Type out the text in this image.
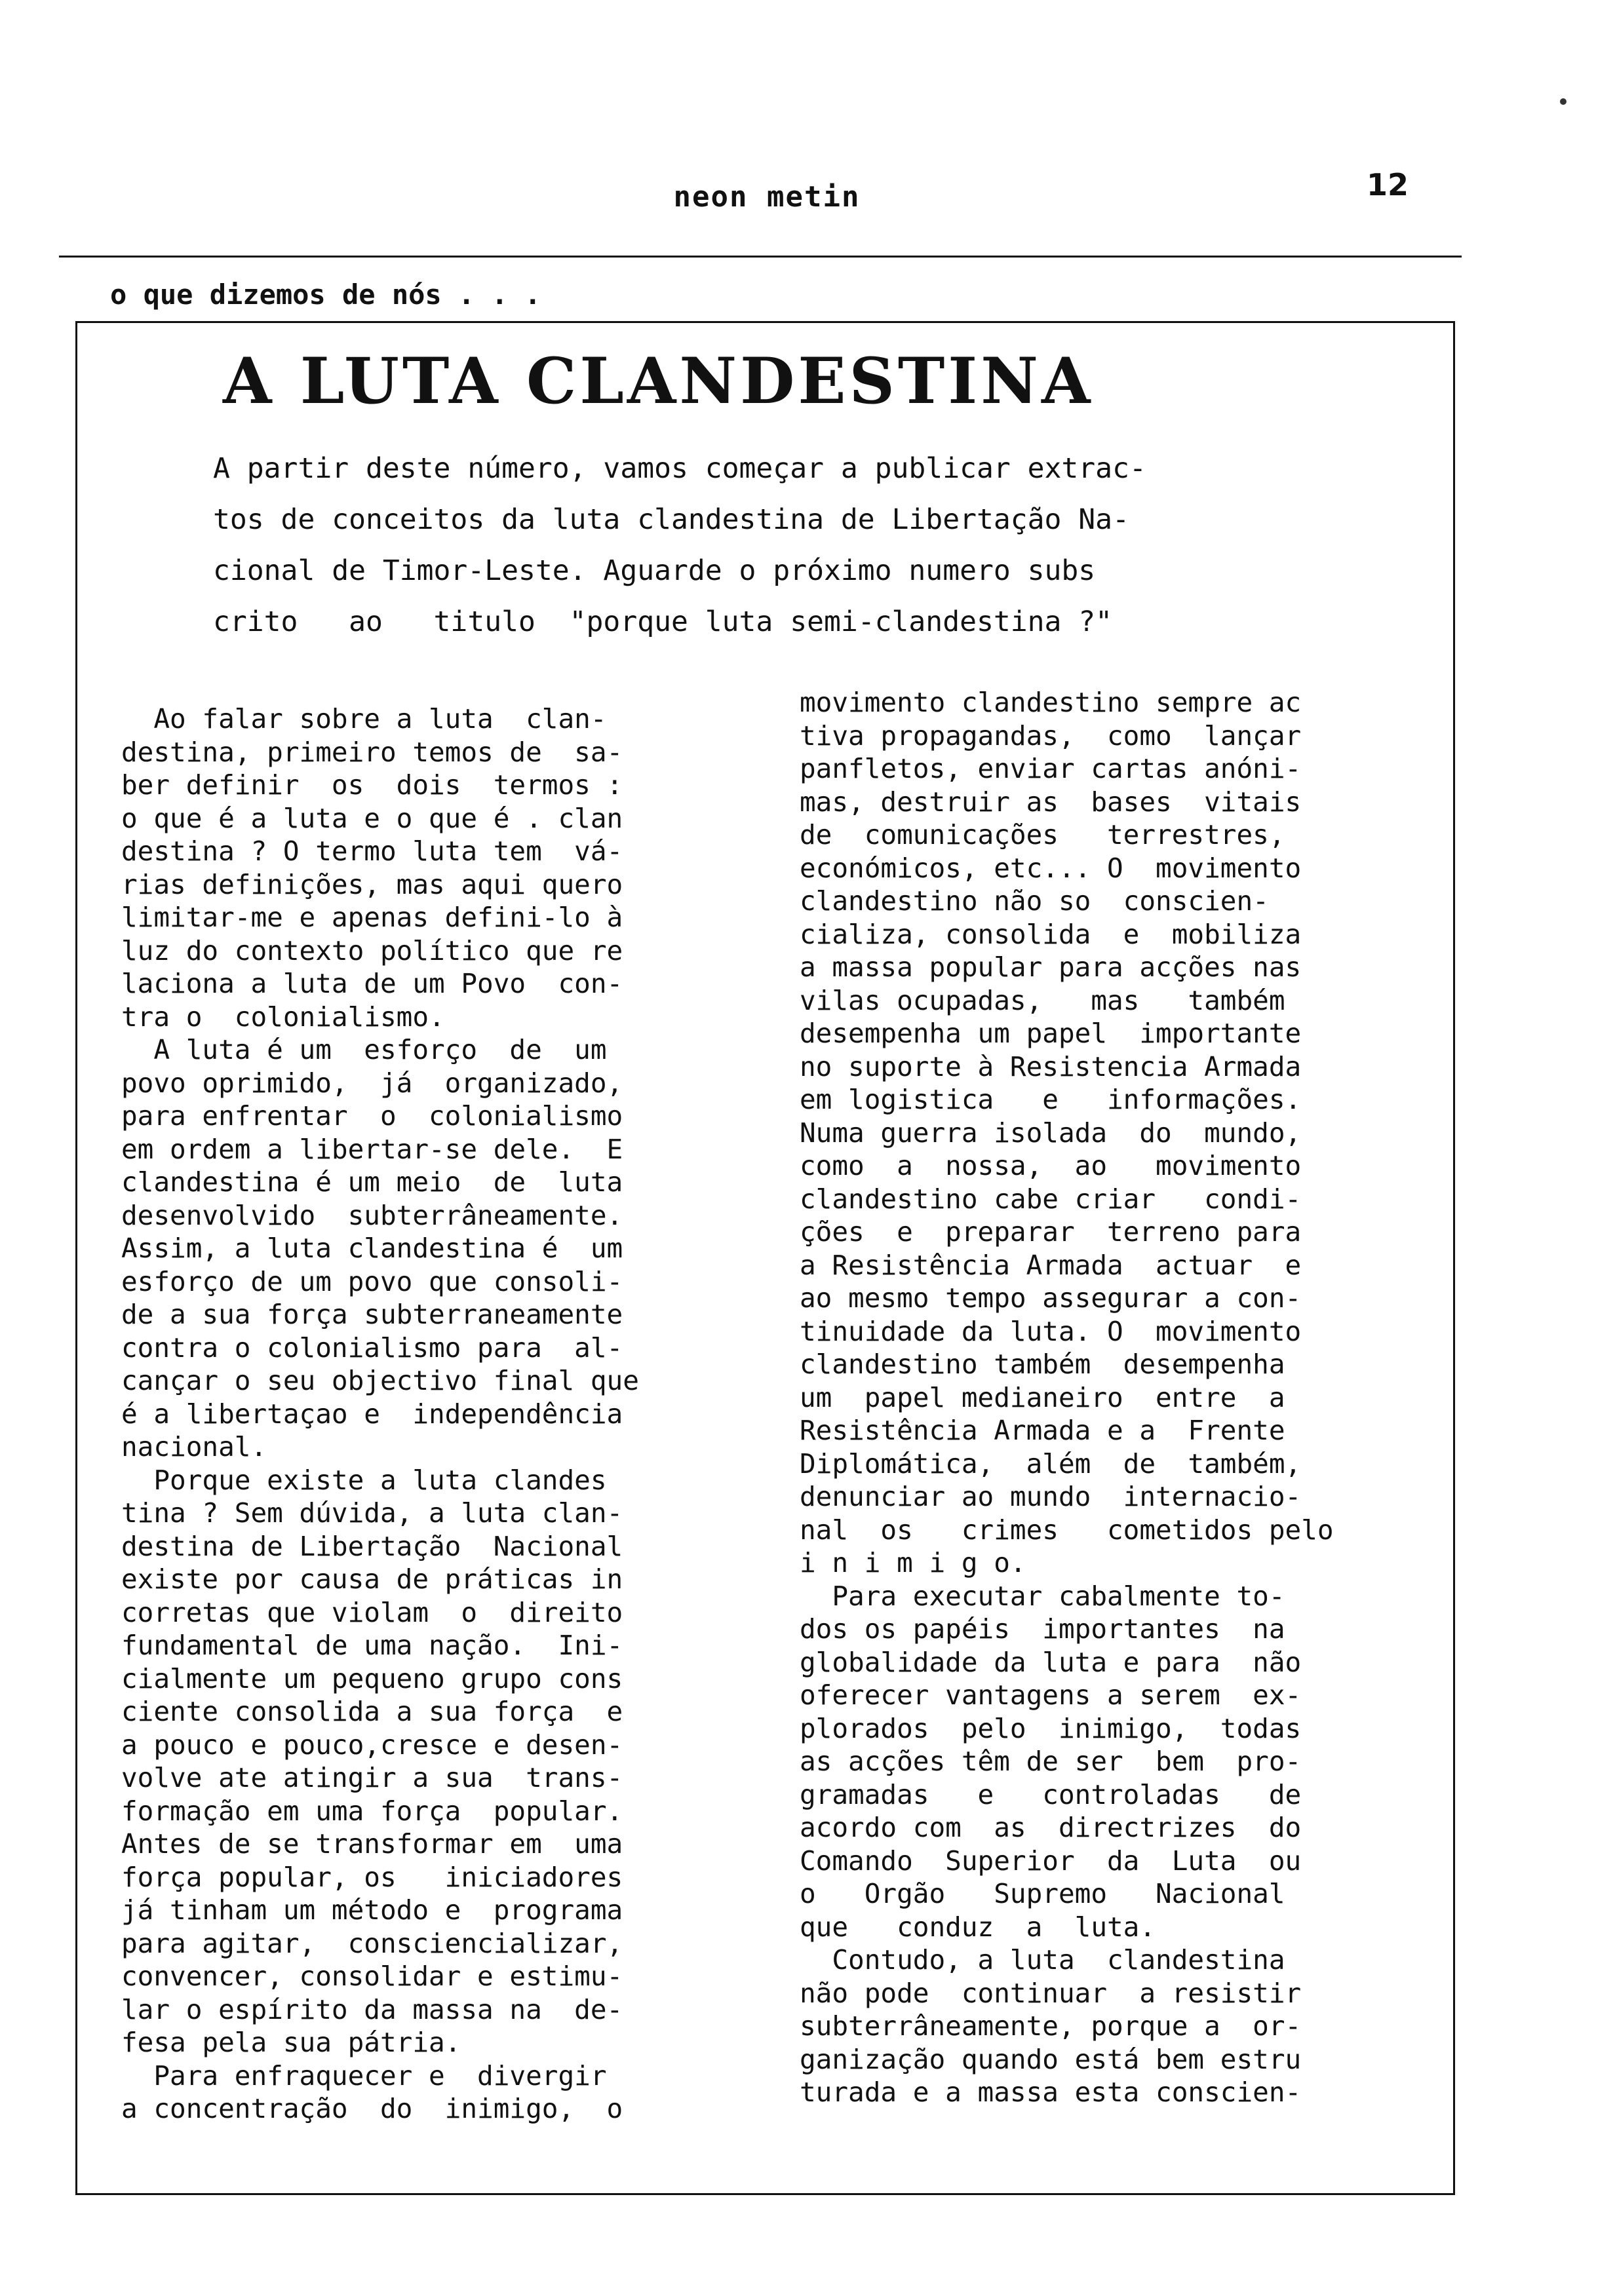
neon metin	12
o que dizemos de nós . . .
A LUTA CLANDESTINA
A partir deste número, vamos começar a publicar extrac-
tos de conceitos da luta clandestina de Libertação Na-
cional de Timor-Leste. Aguarde o próximo numero subs
crito   ao   titulo  "porque luta semi-clandestina ?"
Ao falar sobre a luta  clan-
destina, primeiro temos de  sa-
ber definir  os  dois  termos :
o que é a luta e o que é . clan
destina ? O termo luta tem  vá-
rias definições, mas aqui quero
limitar-me e apenas defini-lo à
luz do contexto político que re
laciona a luta de um Povo  con-
tra o  colonialismo.
A luta é um  esforço  de  um
povo oprimido,  já  organizado,
para enfrentar  o  colonialismo
em ordem a libertar-se dele.  E
clandestina é um meio  de  luta
desenvolvido  subterrâneamente.
Assim, a luta clandestina é  um
esforço de um povo que consoli-
de a sua força subterraneamente
contra o colonialismo para  al-
cançar o seu objectivo final que
é a libertaçao e  independência
nacional.
Porque existe a luta clandes
tina ? Sem dúvida, a luta clan-
destina de Libertação  Nacional
existe por causa de práticas in
corretas que violam  o  direito
fundamental de uma nação.  Ini-
cialmente um pequeno grupo cons
ciente consolida a sua força  e
a pouco e pouco,cresce e desen-
volve ate atingir a sua  trans-
formação em uma força  popular.
Antes de se transformar em  uma
força popular, os   iniciadores
já tinham um método e  programa
para agitar,  consciencializar,
convencer, consolidar e estimu-
lar o espírito da massa na  de-
fesa pela sua pátria.
Para enfraquecer e  divergir
a concentração  do  inimigo,  o
movimento clandestino sempre ac
tiva propagandas,  como  lançar
panfletos, enviar cartas anóni-
mas, destruir as  bases  vitais
de  comunicações   terrestres,
económicos, etc... O  movimento
clandestino não so  conscien-
cializa, consolida  e  mobiliza
a massa popular para acções nas
vilas ocupadas,   mas   também
desempenha um papel  importante
no suporte à Resistencia Armada
em logistica   e   informações.
Numa guerra isolada  do  mundo,
como  a  nossa,  ao   movimento
clandestino cabe criar   condi-
ções  e  preparar  terreno para
a Resistência Armada  actuar  e
ao mesmo tempo assegurar a con-
tinuidade da luta. O  movimento
clandestino também  desempenha
um  papel medianeiro  entre  a
Resistência Armada e a  Frente
Diplomática,  além  de  também,
denunciar ao mundo  internacio-
nal  os   crimes   cometidos pelo
i n i m i g o.
Para executar cabalmente to-
dos os papéis  importantes  na
globalidade da luta e para  não
oferecer vantagens a serem  ex-
plorados  pelo  inimigo,  todas
as acções têm de ser  bem  pro-
gramadas   e   controladas   de
acordo com  as  directrizes  do
Comando  Superior  da  Luta  ou
o   Orgão   Supremo   Nacional
que   conduz  a  luta.
Contudo, a luta  clandestina
não pode  continuar  a resistir
subterrâneamente, porque a  or-
ganização quando está bem estru
turada e a massa esta conscien-
